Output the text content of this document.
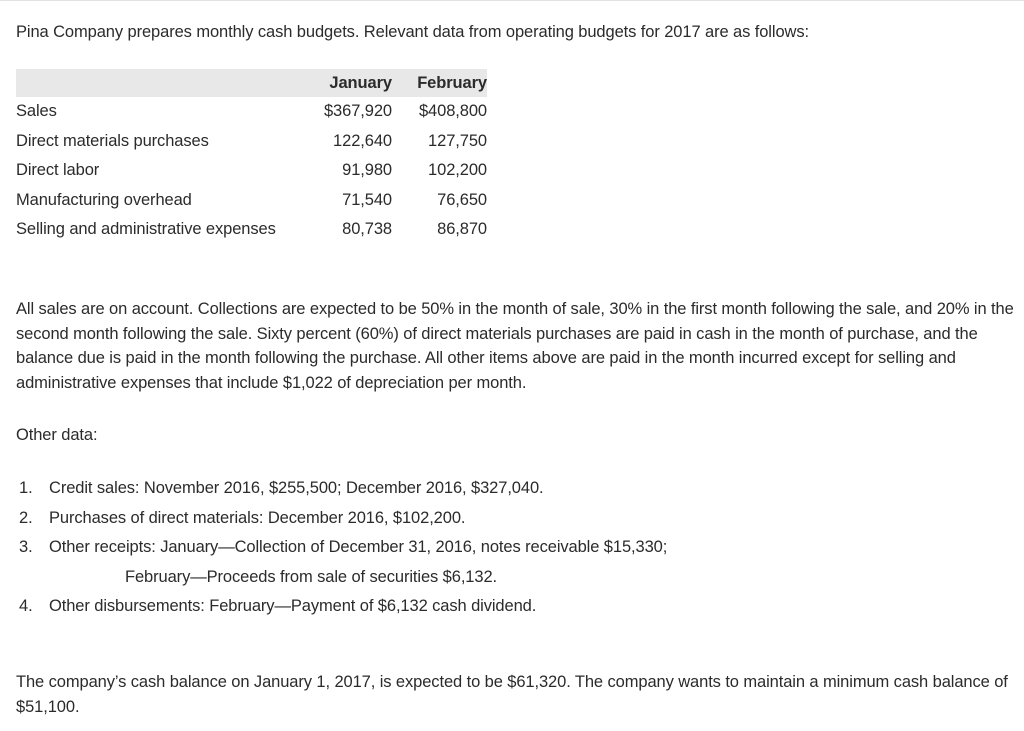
Pina Company prepares monthly cash budgets. Relevant data from operating budgets for 2017 are as follows:

	January	February
Sales	$367,920	$408,800
Direct materials purchases	122,640	127,750
Direct labor	91,980	102,200
Manufacturing overhead	71,540	76,650
Selling and administrative expenses	80,738	86,870

All sales are on account. Collections are expected to be 50% in the month of sale, 30% in the first month following the sale, and 20% in the second month following the sale. Sixty percent (60%) of direct materials purchases are paid in cash in the month of purchase, and the balance due is paid in the month following the purchase. All other items above are paid in the month incurred except for selling and administrative expenses that include $1,022 of depreciation per month.

Other data:

1. Credit sales: November 2016, $255,500; December 2016, $327,040.
2. Purchases of direct materials: December 2016, $102,200.
3. Other receipts: January—Collection of December 31, 2016, notes receivable $15,330;
February—Proceeds from sale of securities $6,132.
4. Other disbursements: February—Payment of $6,132 cash dividend.

The company’s cash balance on January 1, 2017, is expected to be $61,320. The company wants to maintain a minimum cash balance of $51,100.
